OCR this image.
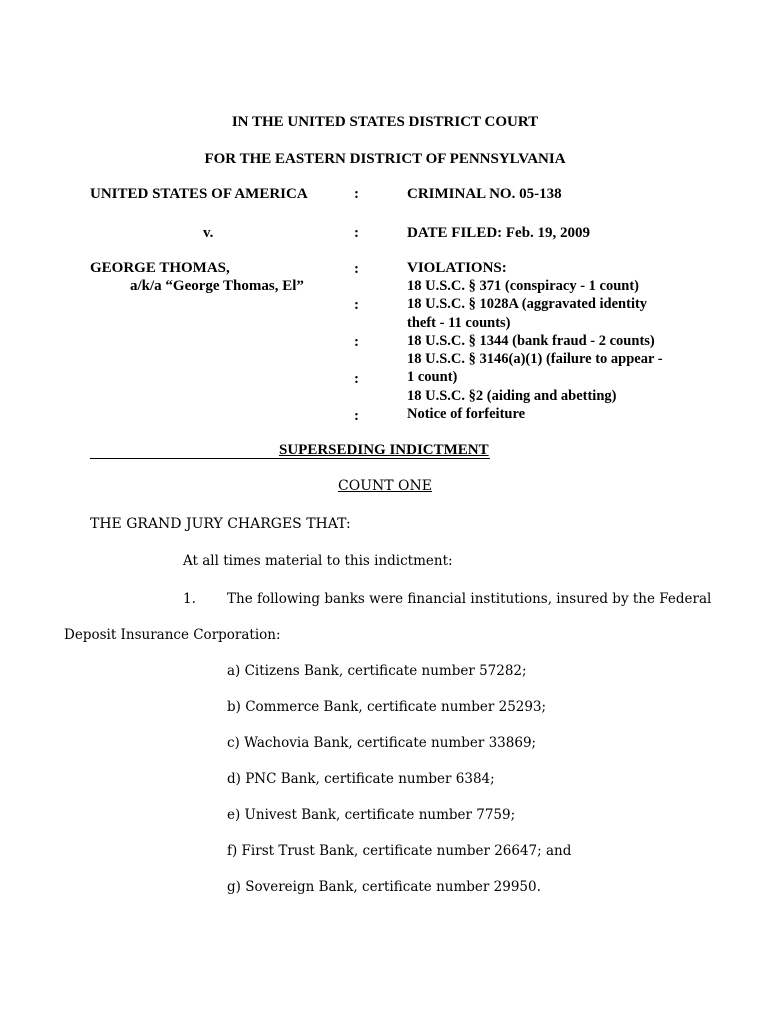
IN THE UNITED STATES DISTRICT COURT
FOR THE EASTERN DISTRICT OF PENNSYLVANIA
UNITED STATES OF AMERICA
v.
GEORGE THOMAS,
a/k/a “George Thomas, El”
:
:
:
:
:
:
:
CRIMINAL NO. 05-138
DATE FILED: Feb. 19, 2009
VIOLATIONS:
18 U.S.C. § 371 (conspiracy - 1 count)
18 U.S.C. § 1028A (aggravated identity
theft - 11 counts)
18 U.S.C. § 1344 (bank fraud - 2 counts)
18 U.S.C. § 3146(a)(1) (failure to appear -
1 count)
18 U.S.C. §2 (aiding and abetting)
Notice of forfeiture
SUPERSEDING INDICTMENT
COUNT ONE
THE GRAND JURY CHARGES THAT:
At all times material to this indictment:
1. The following banks were financial institutions, insured by the Federal
Deposit Insurance Corporation:
a) Citizens Bank, certificate number 57282;
b) Commerce Bank, certificate number 25293;
c) Wachovia Bank, certificate number 33869;
d) PNC Bank, certificate number 6384;
e) Univest Bank, certificate number 7759;
f) First Trust Bank, certificate number 26647; and
g) Sovereign Bank, certificate number 29950.
